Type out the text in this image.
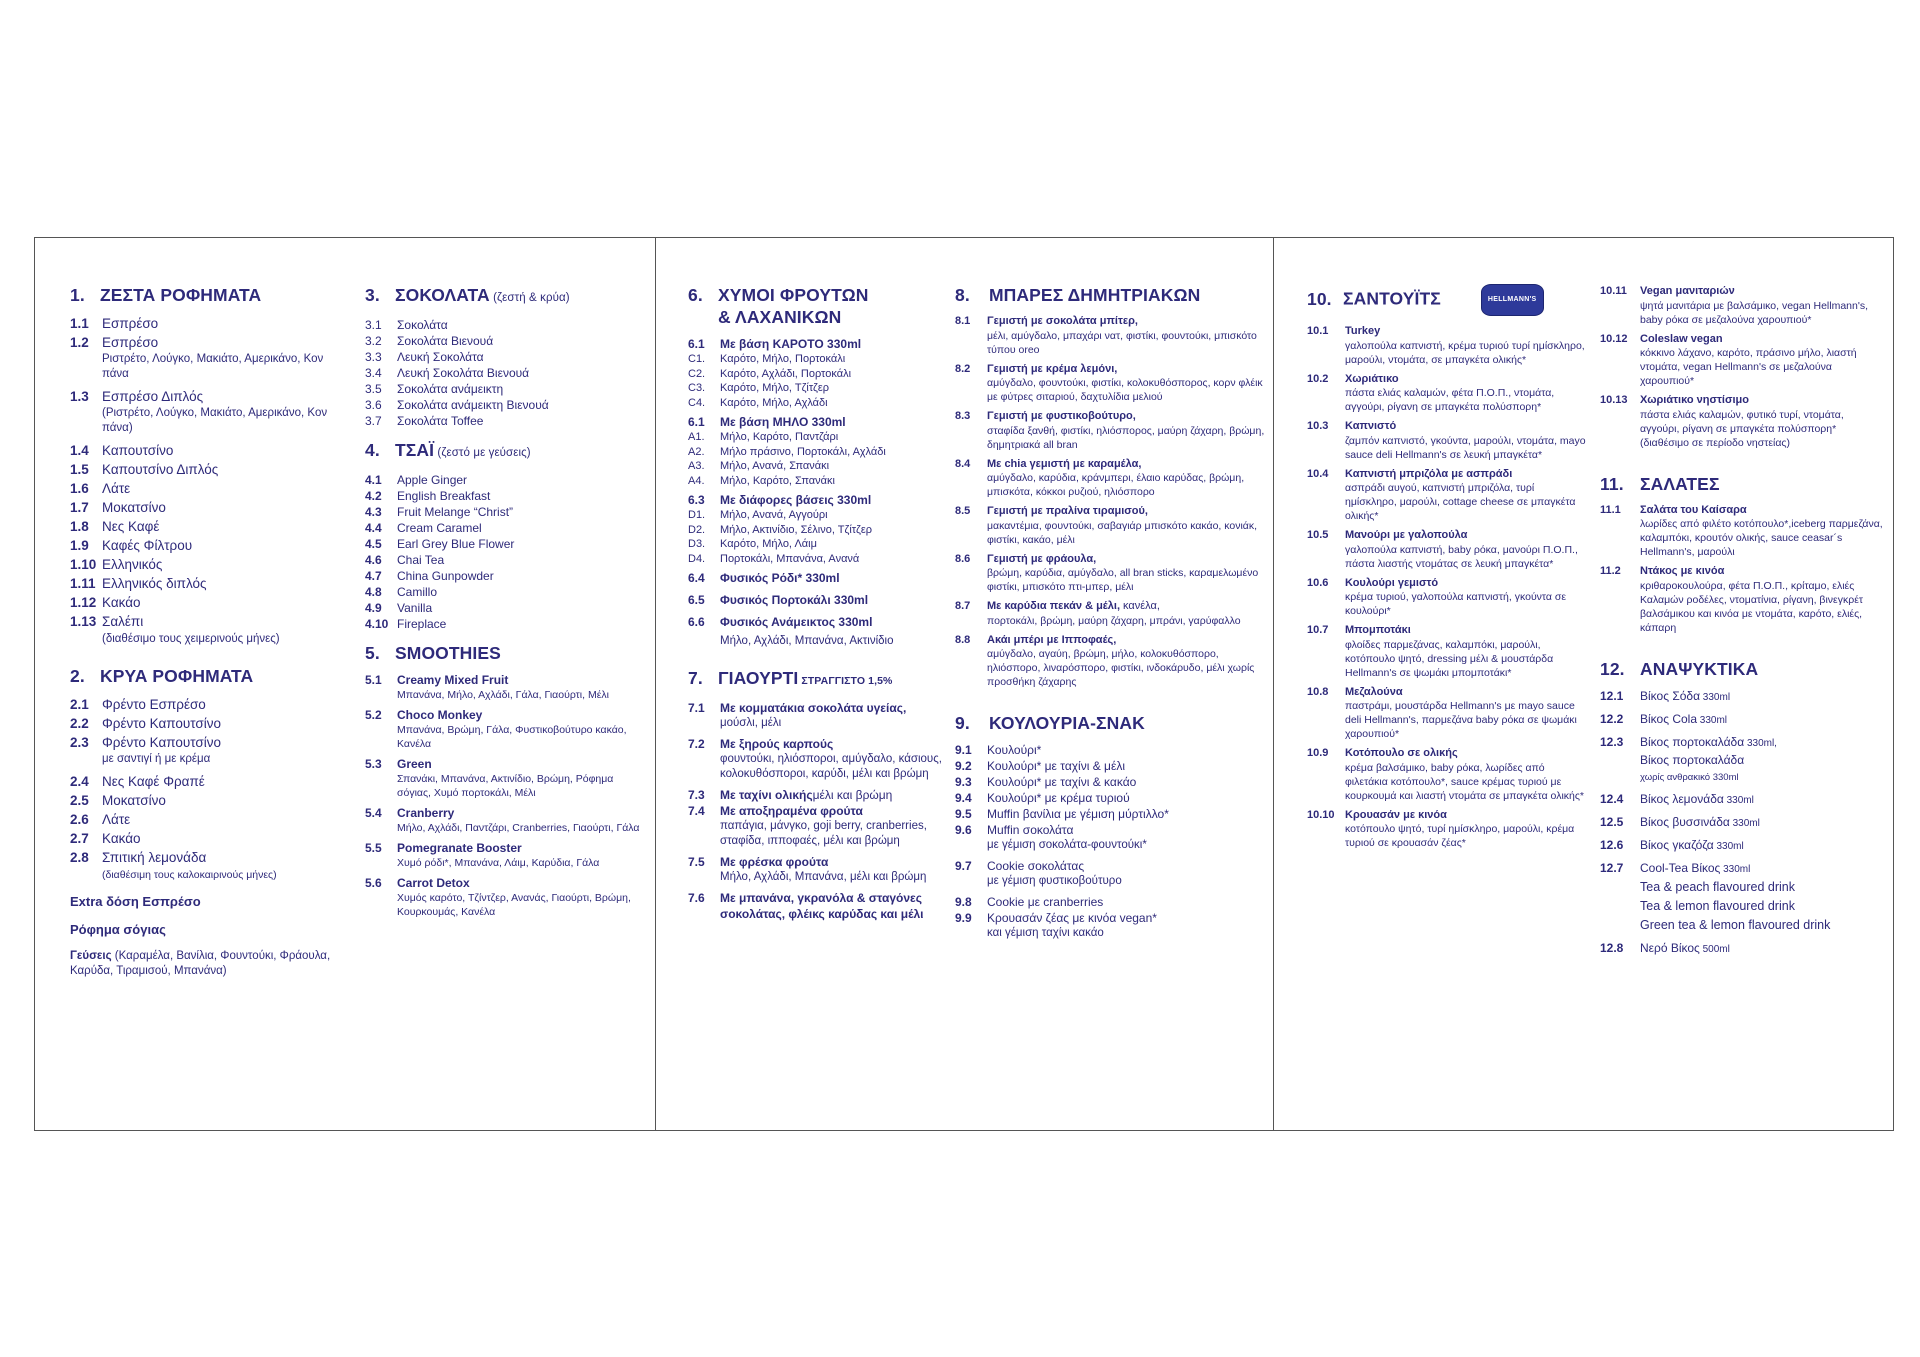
1. ΖΕΣΤΑ ΡΟΦΗΜΑΤΑ
1.1 Εσπρέσο
1.2 Εσπρέσο
Ριστρέτο, Λούγκο, Μακιάτο, Αμερικάνο, Κον πάνα
1.3 Εσπρέσο Διπλός
(Ριστρέτο, Λούγκο, Μακιάτο, Αμερικάνο, Κον πάνα)
1.4 Καπουτσίνο
1.5 Καπουτσίνο Διπλός
1.6 Λάτε
1.7 Μοκατσίνο
1.8 Νες Καφέ
1.9 Καφές Φίλτρου
1.10 Ελληνικός
1.11 Ελληνικός διπλός
1.12 Κακάο
1.13 Σαλέπι
(διαθέσιμο τους χειμερινούς μήνες)
2. ΚΡΥΑ ΡΟΦΗΜΑΤΑ
2.1 Φρέντο Εσπρέσο
2.2 Φρέντο Καπουτσίνο
2.3 Φρέντο Καπουτσίνο
με σαντιγί ή με κρέμα
2.4 Νες Καφέ Φραπέ
2.5 Μοκατσίνο
2.6 Λάτε
2.7 Κακάο
2.8 Σπιτική λεμονάδα
(διαθέσιμη τους καλοκαιρινούς μήνες)
Extra δόση Εσπρέσο
Ρόφημα σόγιας
Γεύσεις (Καραμέλα, Βανίλια, Φουντούκι, Φράουλα, Καρύδα, Τιραμισού, Μπανάνα)
3. ΣΟΚΟΛΑΤΑ (ζεστή & κρύα)
3.1	Σοκολάτα
3.2	Σοκολάτα Βιενουά
3.3	Λευκή Σοκολάτα
3.4	Λευκή Σοκολάτα Βιενουά
3.5	Σοκολάτα ανάμεικτη
3.6	Σοκολάτα ανάμεικτη Βιενουά
3.7	Σοκολάτα Toffee
4. ΤΣΑΪ (ζεστό με γεύσεις)
4.1	Apple Ginger
4.2	English Breakfast
4.3	Fruit Melange “Christ”
4.4	Cream Caramel
4.5	Earl Grey Blue Flower
4.6	Chai Tea
4.7	China Gunpowder
4.8	Camillo
4.9	Vanilla
4.10 Fireplace
5. SMOOTHIES
5.1	Creamy Mixed Fruit
Μπανάνα, Μήλο, Αχλάδι, Γάλα, Γιαούρτι, Μέλι
5.2	Choco Monkey
Μπανάνα, Βρώμη, Γάλα, Φυστικοβούτυρο κακάο, Κανέλα
5.3	Green
Σπανάκι, Μπανάνα, Ακτινίδιο, Βρώμη, Ρόφημα σόγιας, Χυμό πορτοκάλι, Μέλι
5.4	Cranberry
Μήλο, Αχλάδι, Παντζάρι, Cranberries, Γιαούρτι, Γάλα
5.5	Pomegranate Booster
Χυμό ρόδι*, Μπανάνα, Λάιμ, Καρύδια, Γάλα
5.6	Carrot Detox
Χυμός καρότο, Τζίντζερ, Ανανάς, Γιαούρτι, Βρώμη, Κουρκουμάς, Κανέλα
6. ΧΥΜΟΙ ΦΡΟΥΤΩΝ
& ΛΑΧΑΝΙΚΩΝ
6.1	Με βάση ΚΑΡΟΤΟ 330ml
C1.	Καρότο, Μήλο, Πορτοκάλι
C2.	Καρότο, Αχλάδι, Πορτοκάλι
C3.	Καρότο, Μήλο, Τζίτζερ
C4.	Καρότο, Μήλο, Αχλάδι
6.1	Με βάση ΜΗΛΟ 330ml
A1.	Μήλο, Καρότο, Παντζάρι
A2.	Μήλο πράσινο, Πορτοκάλι, Αχλάδι
A3.	Μήλο, Ανανά, Σπανάκι
A4.	Μήλο, Καρότο, Σπανάκι
6.3	Με διάφορες βάσεις 330ml
D1.	Μήλο, Ανανά, Αγγούρι
D2.	Μήλο, Ακτινίδιο, Σέλινο, Τζίτζερ
D3.	Καρότο, Μήλο, Λάιμ
D4.	Πορτοκάλι, Μπανάνα, Ανανά
6.4	Φυσικός Ρόδι* 330ml
6.5	Φυσικός Πορτοκάλι 330ml
6.6	Φυσικός Ανάμεικτος 330ml
Μήλο, Αχλάδι, Μπανάνα, Ακτινίδιο
7. ΓΙΑΟΥΡΤΙ ΣΤΡΑΓΓΙΣΤΟ 1,5%
7.1	Με κομματάκια σοκολάτα υγείας,
μούσλι, μέλι
7.2	Με ξηρούς καρπούς
φουντούκι, ηλιόσποροι, αμύγδαλο, κάσιους, κολοκυθόσποροι, καρύδι, μέλι και βρώμη
7.3	Με ταχίνι ολικήςμέλι και βρώμη
7.4	Με αποξηραμένα φρούτα
παπάγια, μάνγκο, goji berry, cranberries, σταφίδα, ιπποφαές, μέλι και βρώμη
7.5	Με φρέσκα φρούτα
Μήλο, Αχλάδι, Μπανάνα, μέλι και βρώμη
7.6	Με μπανάνα, γκρανόλα & σταγόνες σοκολάτας, φλέικς καρύδας και μέλι
8. ΜΠΑΡΕΣ ΔΗΜΗΤΡΙΑΚΩΝ
8.1	Γεμιστή με σοκολάτα μπίτερ,
μέλι, αμύγδαλο, μπαχάρι νατ, φιστίκι, φουντούκι, μπισκότο τύπου oreo
8.2	Γεμιστή με κρέμα λεμόνι,
αμύγδαλο, φουντούκι, φιστίκι, κολοκυθόσπορος, κορν φλέικ με φύτρες σιταριού, δαχτυλίδια μελιού
8.3	Γεμιστή με φυστικοβούτυρο,
σταφίδα ξανθή, φιστίκι, ηλιόσπορος, μαύρη ζάχαρη, βρώμη, δημητριακά all bran
8.4	Με chia γεμιστή με καραμέλα,
αμύγδαλο, καρύδια, κράνμπερι, έλαιο καρύδας, βρώμη, μπισκότα, κόκκοι ρυζιού, ηλιόσπορο
8.5	Γεμιστή με πραλίνα τιραμισού,
μακαντέμια, φουντούκι, σαβαγιάρ μπισκότο κακάο, κονιάκ, φιστίκι, κακάο, μέλι
8.6	Γεμιστή με φράουλα,
βρώμη, καρύδια, αμύγδαλο, all bran sticks, καραμελωμένο φιστίκι, μπισκότο πτι-μπερ, μέλι
8.7	Με καρύδια πεκάν & μέλι, κανέλα,
πορτοκάλι, βρώμη, μαύρη ζάχαρη, μπράνι, γαρύφαλλο
8.8	Ακάι μπέρι με Ιπποφαές,
αμύγδαλο, αγαύη, βρώμη, μήλο, κολοκυθόσπορο, ηλιόσπορο, λιναρόσπορο, φιστίκι, ινδοκάρυδο, μέλι χωρίς προσθήκη ζάχαρης
9. ΚΟΥΛΟΥΡΙΑ-ΣΝΑΚ
9.1	Κουλούρι*
9.2	Κουλούρι* με ταχίνι & μέλι
9.3	Κουλούρι* με ταχίνι & κακάο
9.4	Κουλούρι* με κρέμα τυριού
9.5	Muffin βανίλια με γέμιση μύρτιλλο*
9.6	Muffin σοκολάτα
με γέμιση σοκολάτα-φουντούκι*
9.7	Cookie σοκολάτας
με γέμιση φυστικοβούτυρο
9.8	Cookie με cranberries
9.9	Κρουασάν ζέας με κινόα vegan*
και γέμιση ταχίνι κακάο
10. ΣΑΝΤΟΥΪΤΣ	HELLMANN'S
10.1	Turkey
γαλοπούλα καπνιστή, κρέμα τυριού τυρί ημίσκληρο, μαρούλι, ντομάτα, σε μπαγκέτα ολικής*
10.2	Χωριάτικο
πάστα ελιάς καλαμών, φέτα Π.Ο.Π., ντομάτα, αγγούρι, ρίγανη σε μπαγκέτα πολύσπορη*
10.3	Καπνιστό
ζαμπόν καπνιστό, γκούντα, μαρούλι, ντομάτα, mayo sauce deli Hellmann's σε λευκή μπαγκέτα*
10.4	Καπνιστή μπριζόλα με ασπράδι
ασπράδι αυγού, καπνιστή μπριζόλα, τυρί ημίσκληρο, μαρούλι, cottage cheese σε μπαγκέτα ολικής*
10.5	Μανούρι με γαλοπούλα
γαλοπούλα καπνιστή, baby ρόκα, μανούρι Π.Ο.Π., πάστα λιαστής ντομάτας σε λευκή μπαγκέτα*
10.6	Κουλούρι γεμιστό
κρέμα τυριού, γαλοπούλα καπνιστή, γκούντα σε κουλούρι*
10.7	Μπομποτάκι
φλοίδες παρμεζάνας, καλαμπόκι, μαρούλι, κοτόπουλο ψητό, dressing μέλι & μουστάρδα Hellmann's σε ψωμάκι μπομποτάκι*
10.8	Μεζαλούνα
παστράμι, μουστάρδα Hellmann's με mayo sauce deli Hellmann's, παρμεζάνα baby ρόκα σε ψωμάκι χαρουπιού*
10.9	Κοτόπουλο σε ολικής
κρέμα βαλσάμικο, baby ρόκα, λωρίδες από φιλετάκια κοτόπουλο*, sauce κρέμας τυριού με κουρκουμά και λιαστή ντομάτα σε μπαγκέτα ολικής*
10.10 Κρουασάν με κινόα
κοτόπουλο ψητό, τυρί ημίσκληρο, μαρούλι, κρέμα τυριού σε κρουασάν ζέας*
10.11	Vegan μανιταριών
ψητά μανιτάρια με βαλσάμικο, vegan Hellmann's, baby ρόκα σε μεζαλούνα χαρουπιού*
10.12	Coleslaw vegan
κόκκινο λάχανο, καρότο, πράσινο μήλο, λιαστή ντομάτα, vegan Hellmann's σε μεζαλούνα χαρουπιού*
10.13	Χωριάτικο νηστίσιμο
πάστα ελιάς καλαμών, φυτικό τυρί, ντομάτα, αγγούρι, ρίγανη σε μπαγκέτα πολύσπορη* (διαθέσιμο σε περίοδο νηστείας)
11. ΣΑΛΑΤΕΣ
11.1	Σαλάτα του Καίσαρα
λωρίδες από φιλέτο κοτόπουλο*,iceberg παρμεζάνα, καλαμπόκι, κρουτόν ολικής, sauce ceasar´s Hellmann's, μαρούλι
11.2	Ντάκος με κινόα
κριθαροκουλούρα, φέτα Π.Ο.Π., κρίταμο, ελιές Καλαμών ροδέλες, ντοματίνια, ρίγανη, βινεγκρέτ βαλσάμικου και κινόα με ντομάτα, καρότο, ελιές, κάπαρη
12. ΑΝΑΨΥΚΤΙΚΑ
12.1	Βίκος Σόδα 330ml
12.2	Βίκος Cola 330ml
12.3	Βίκος πορτοκαλάδα 330ml,
Βίκος πορτοκαλάδα
χωρίς ανθρακικό 330ml
12.4	Βίκος λεμονάδα 330ml
12.5	Βίκος βυσσινάδα 330ml
12.6	Βίκος γκαζόζα 330ml
12.7	Cool-Tea Βίκος 330ml
Tea & peach flavoured drink
Tea & lemon flavoured drink
Green tea & lemon flavoured drink
12.8	Νερό Βίκος 500ml
